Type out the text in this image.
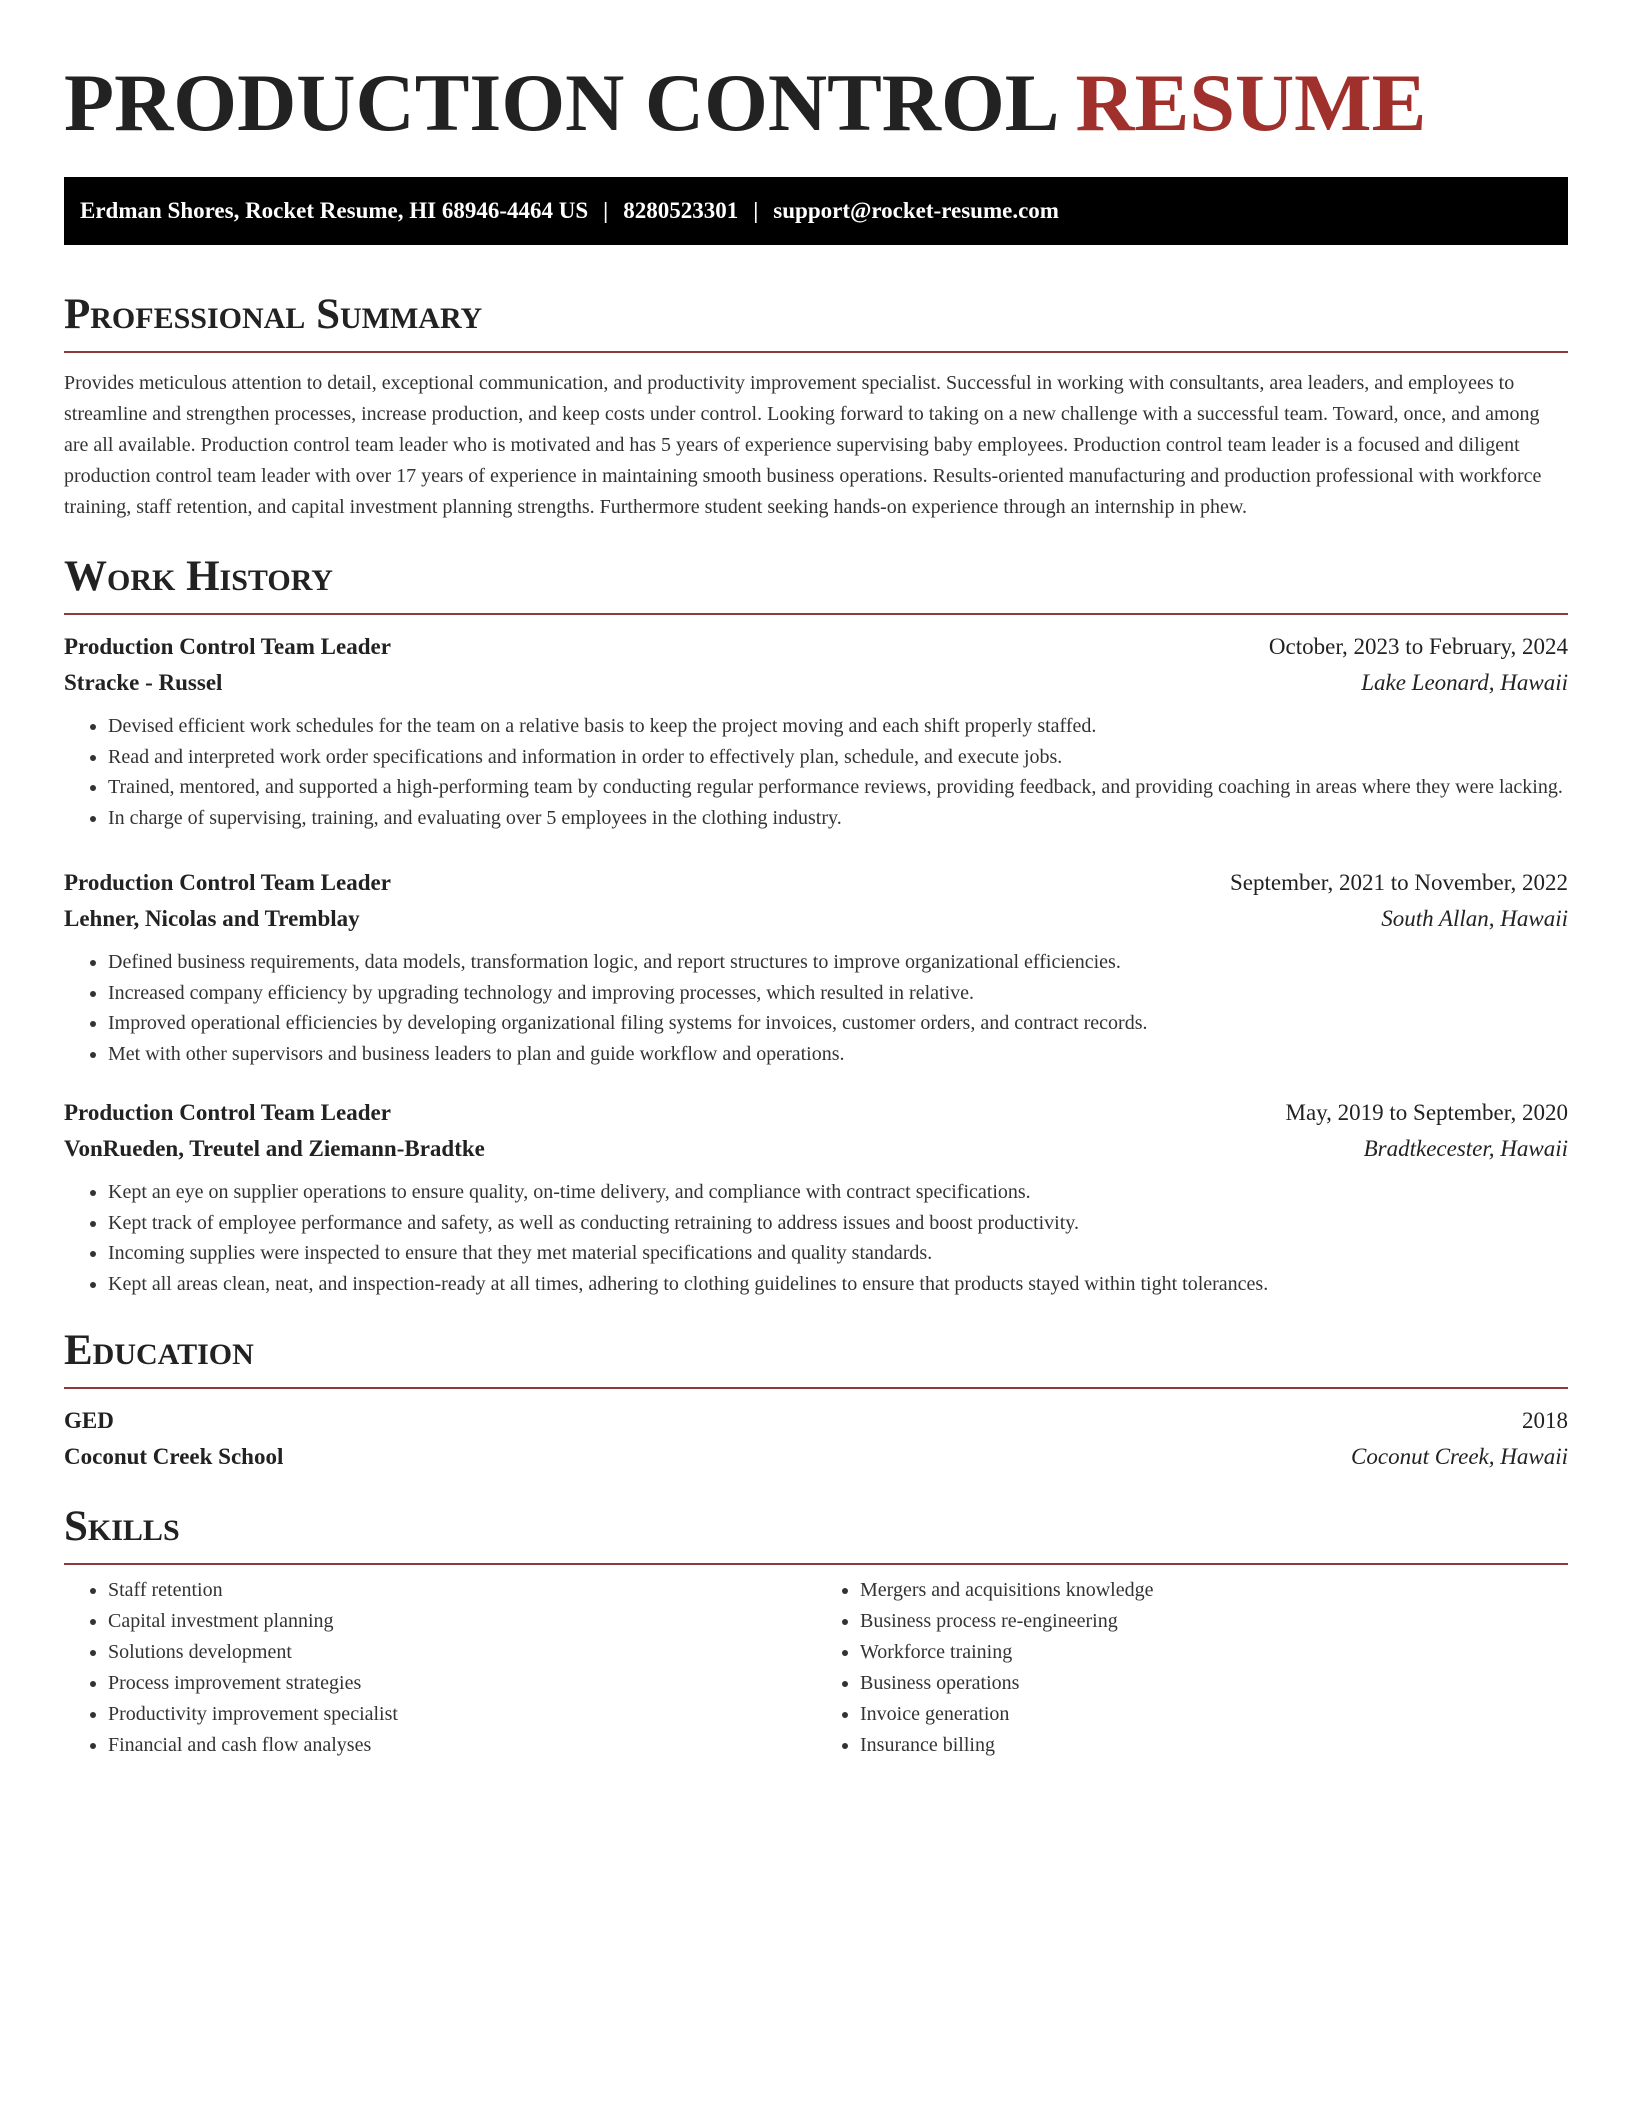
PRODUCTION CONTROL RESUME
Erdman Shores, Rocket Resume, HI 68946-4464 US | 8280523301 | support@rocket-resume.com
Professional Summary

Provides meticulous attention to detail, exceptional communication, and productivity improvement specialist. Successful in working with consultants, area leaders, and employees to streamline and strengthen processes, increase production, and keep costs under control. Looking forward to taking on a new challenge with a successful team. Toward, once, and among are all available. Production control team leader who is motivated and has 5 years of experience supervising baby employees. Production control team leader is a focused and diligent production control team leader with over 17 years of experience in maintaining smooth business operations. Results-oriented manufacturing and production professional with workforce training, staff retention, and capital investment planning strengths. Furthermore student seeking hands-on experience through an internship in phew.

Work History
Production Control Team Leader	October, 2023 to February, 2024
Stracke - Russel	Lake Leonard, Hawaii
• Devised efficient work schedules for the team on a relative basis to keep the project moving and each shift properly staffed.
• Read and interpreted work order specifications and information in order to effectively plan, schedule, and execute jobs.
• Trained, mentored, and supported a high-performing team by conducting regular performance reviews, providing feedback, and providing coaching in areas where they were lacking.
• In charge of supervising, training, and evaluating over 5 employees in the clothing industry.
Production Control Team Leader	September, 2021 to November, 2022
Lehner, Nicolas and Tremblay	South Allan, Hawaii
• Defined business requirements, data models, transformation logic, and report structures to improve organizational efficiencies.
• Increased company efficiency by upgrading technology and improving processes, which resulted in relative.
• Improved operational efficiencies by developing organizational filing systems for invoices, customer orders, and contract records.
• Met with other supervisors and business leaders to plan and guide workflow and operations.
Production Control Team Leader	May, 2019 to September, 2020
VonRueden, Treutel and Ziemann-Bradtke	Bradtkecester, Hawaii
• Kept an eye on supplier operations to ensure quality, on-time delivery, and compliance with contract specifications.
• Kept track of employee performance and safety, as well as conducting retraining to address issues and boost productivity.
• Incoming supplies were inspected to ensure that they met material specifications and quality standards.
• Kept all areas clean, neat, and inspection-ready at all times, adhering to clothing guidelines to ensure that products stayed within tight tolerances.
Education
GED	2018
Coconut Creek School	Coconut Creek, Hawaii
Skills
• Staff retention
• Capital investment planning
• Solutions development
• Process improvement strategies
• Productivity improvement specialist
• Financial and cash flow analyses
• Mergers and acquisitions knowledge
• Business process re-engineering
• Workforce training
• Business operations
• Invoice generation
• Insurance billing
